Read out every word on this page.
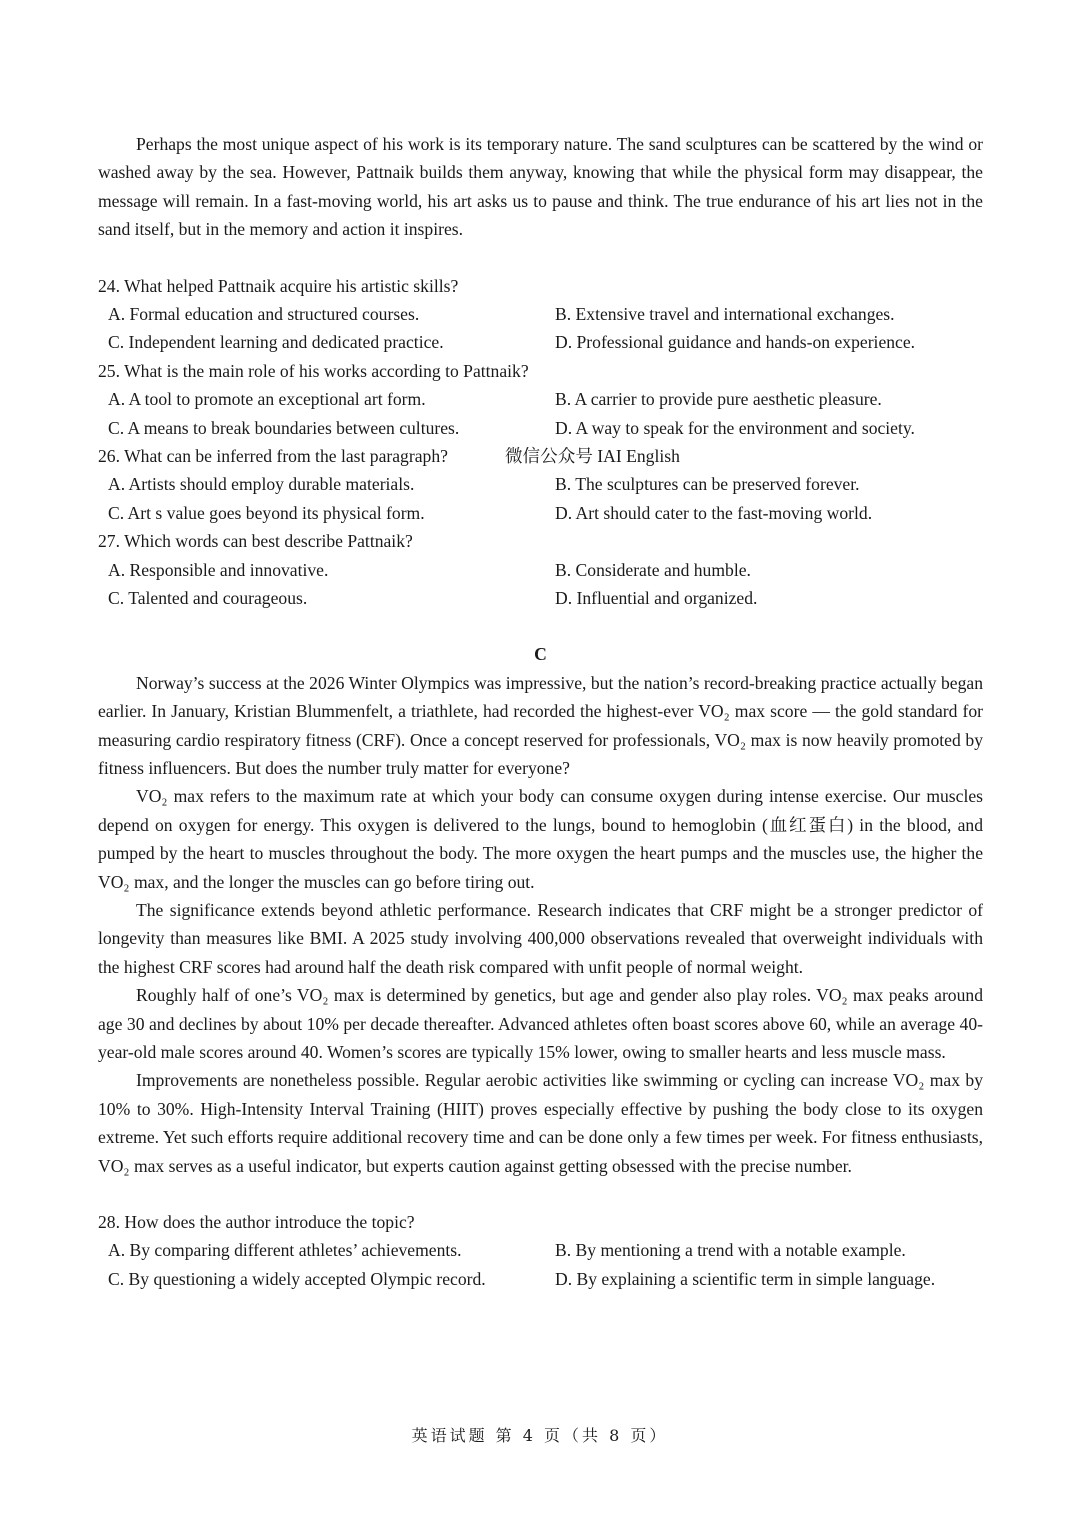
Perhaps the most unique aspect of his work is its temporary nature. The sand sculptures can be scattered by the wind or washed away by the sea. However, Pattnaik builds them anyway, knowing that while the physical form may disappear, the message will remain. In a fast-moving world, his art asks us to pause and think. The true endurance of his art lies not in the sand itself, but in the memory and action it inspires.

24. What helped Pattnaik acquire his artistic skills?
A. Formal education and structured courses.	B. Extensive travel and international exchanges.
C. Independent learning and dedicated practice.	D. Professional guidance and hands-on experience.
25. What is the main role of his works according to Pattnaik?
A. A tool to promote an exceptional art form.	B. A carrier to provide pure aesthetic pleasure.
C. A means to break boundaries between cultures.	D. A way to speak for the environment and society.
26. What can be inferred from the last paragraph?	微信公众号 IAI English
A. Artists should employ durable materials.	B. The sculptures can be preserved forever.
C. Art s value goes beyond its physical form.	D. Art should cater to the fast-moving world.
27. Which words can best describe Pattnaik?
A. Responsible and innovative.	B. Considerate and humble.
C. Talented and courageous.	D. Influential and organized.
C

Norway’s success at the 2026 Winter Olympics was impressive, but the nation’s record-breaking practice actually began earlier. In January, Kristian Blummenfelt, a triathlete, had recorded the highest-ever VO₂ max score — the gold standard for measuring cardio respiratory fitness (CRF). Once a concept reserved for professionals, VO₂ max is now heavily promoted by fitness influencers. But does the number truly matter for everyone?

VO₂ max refers to the maximum rate at which your body can consume oxygen during intense exercise. Our muscles depend on oxygen for energy. This oxygen is delivered to the lungs, bound to hemoglobin (血红蛋白) in the blood, and pumped by the heart to muscles throughout the body. The more oxygen the heart pumps and the muscles use, the higher the VO₂ max, and the longer the muscles can go before tiring out.

The significance extends beyond athletic performance. Research indicates that CRF might be a stronger predictor of longevity than measures like BMI. A 2025 study involving 400,000 observations revealed that overweight individuals with the highest CRF scores had around half the death risk compared with unfit people of normal weight.

Roughly half of one’s VO₂ max is determined by genetics, but age and gender also play roles. VO₂ max peaks around age 30 and declines by about 10% per decade thereafter. Advanced athletes often boast scores above 60, while an average 40-year-old male scores around 40. Women’s scores are typically 15% lower, owing to smaller hearts and less muscle mass.

Improvements are nonetheless possible. Regular aerobic activities like swimming or cycling can increase VO₂ max by 10% to 30%. High-Intensity Interval Training (HIIT) proves especially effective by pushing the body close to its oxygen extreme. Yet such efforts require additional recovery time and can be done only a few times per week. For fitness enthusiasts, VO₂ max serves as a useful indicator, but experts caution against getting obsessed with the precise number.

28. How does the author introduce the topic?
A. By comparing different athletes’ achievements.	B. By mentioning a trend with a notable example.
C. By questioning a widely accepted Olympic record.	D. By explaining a scientific term in simple language.
英语试题 第 4 页（共 8 页）
